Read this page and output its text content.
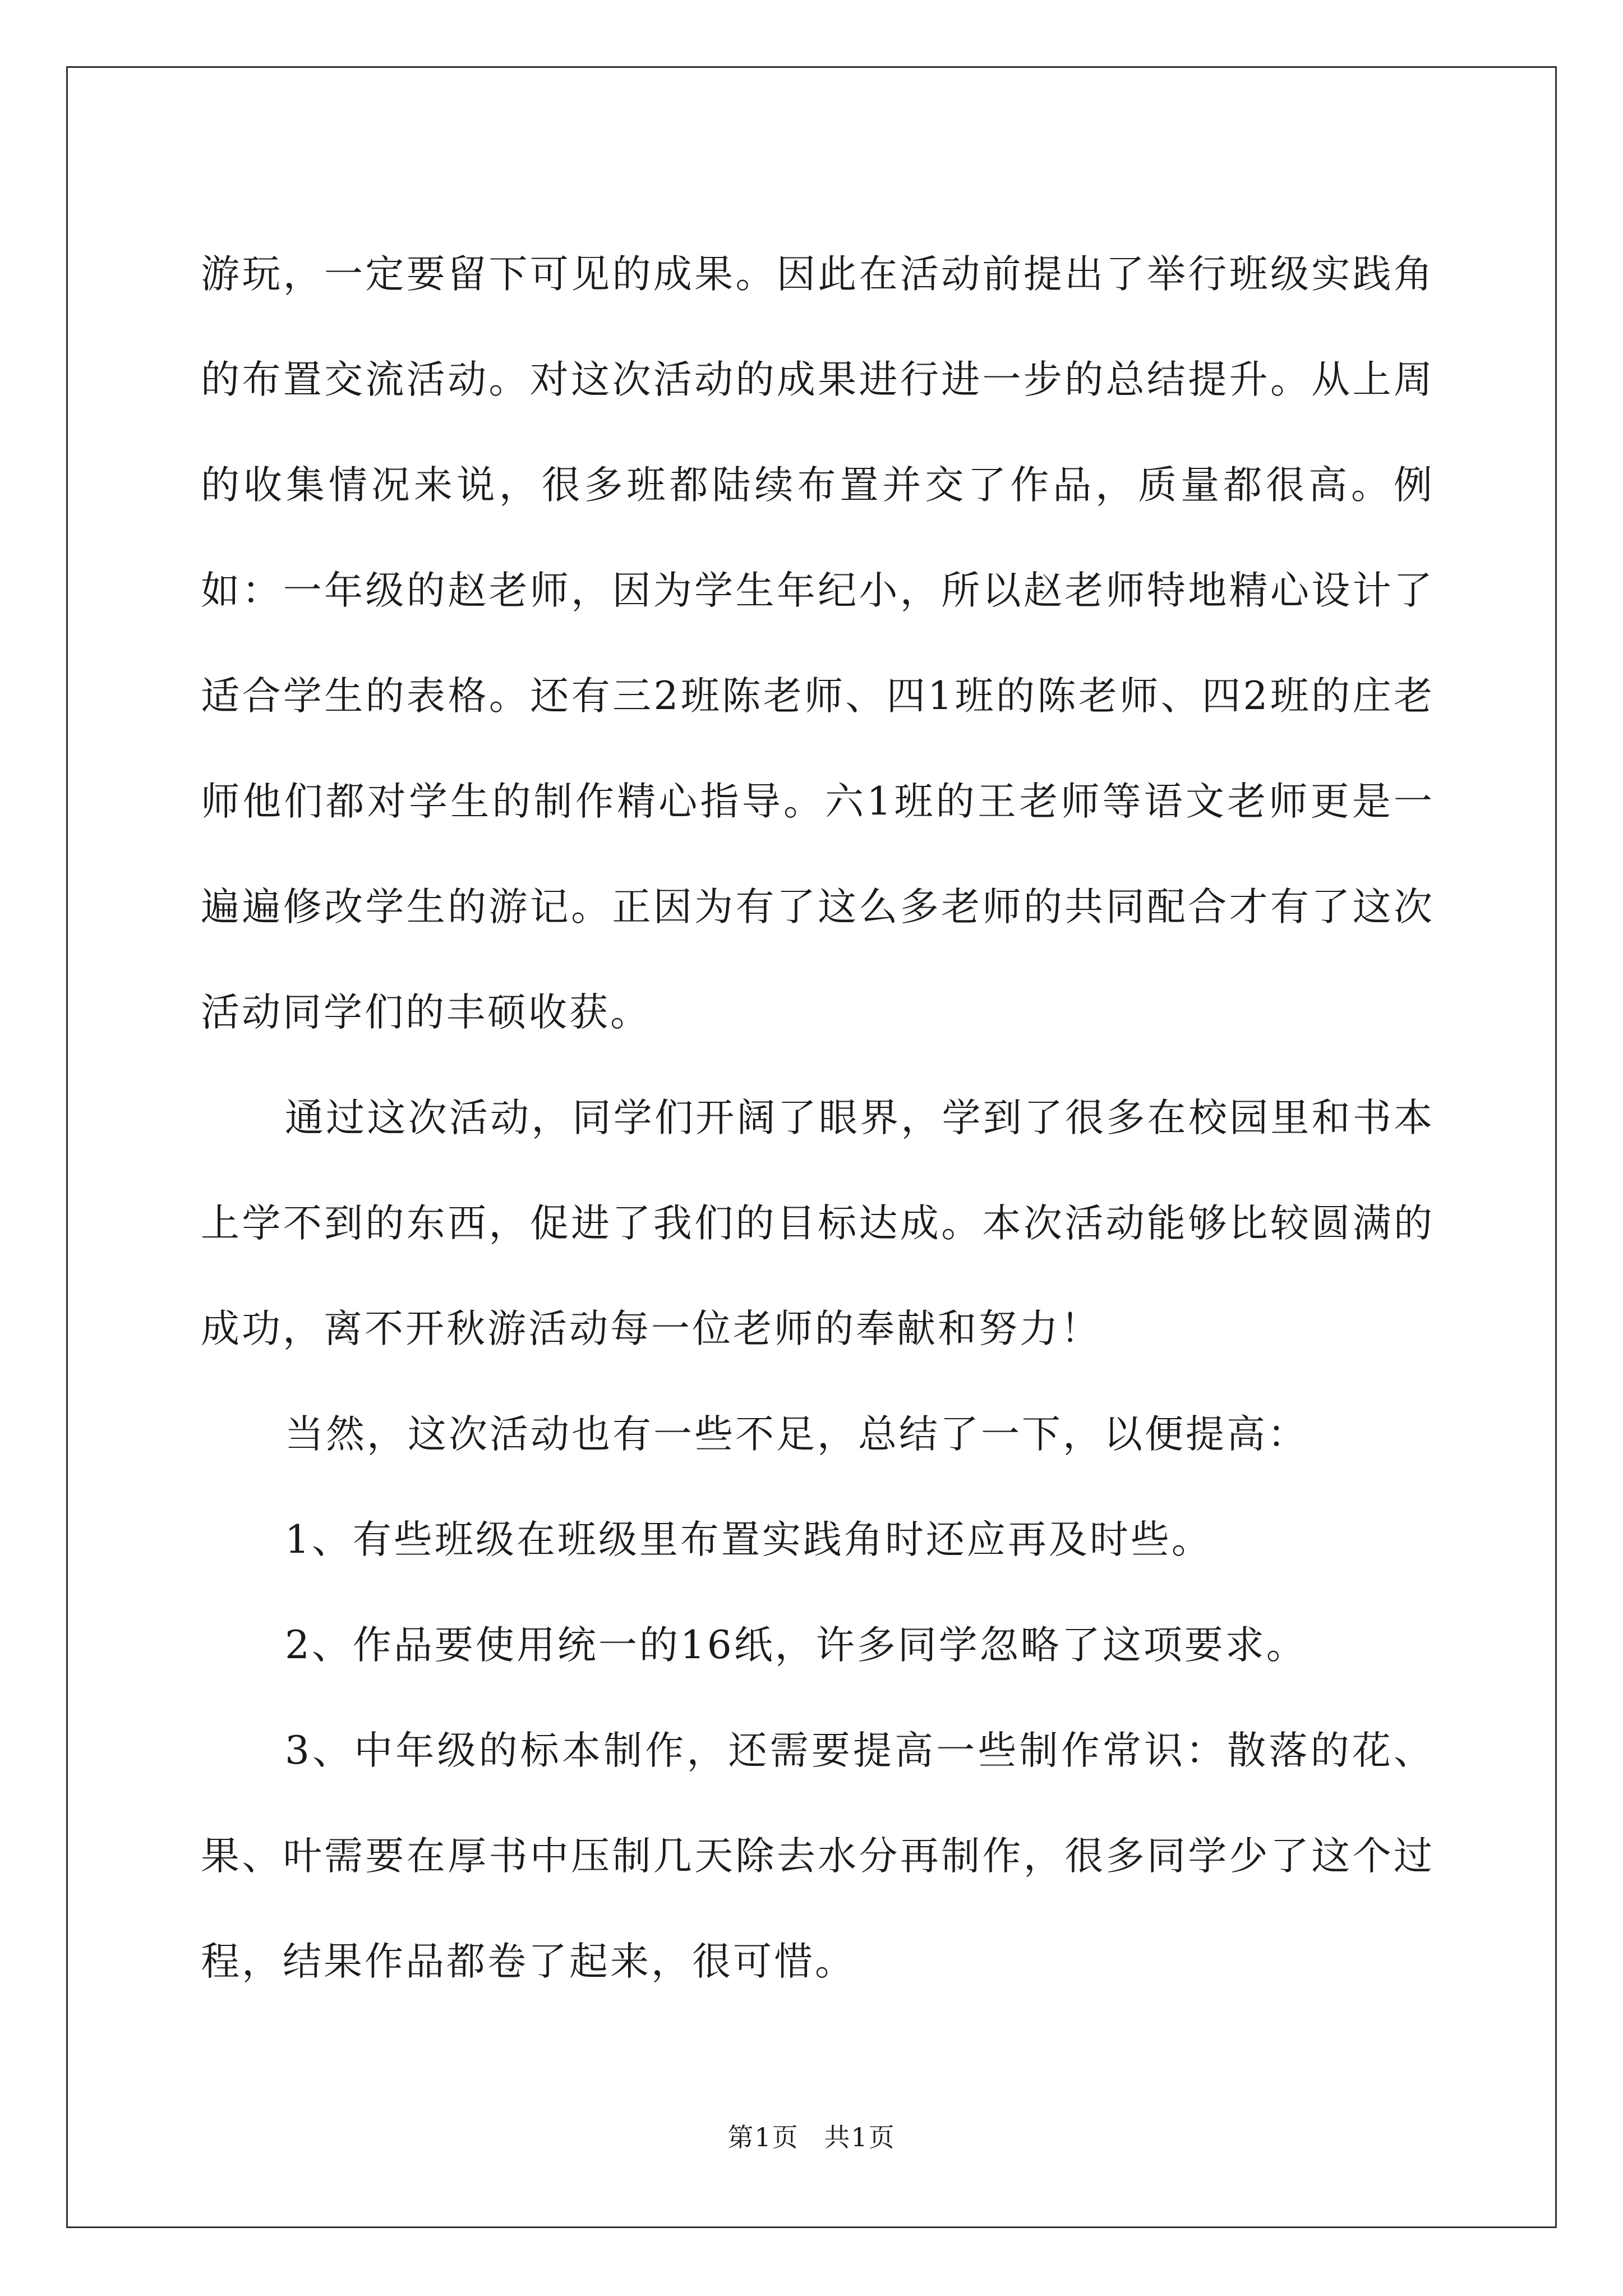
游玩，一定要留下可见的成果。因此在活动前提出了举行班级实践角的布置交流活动。对这次活动的成果进行进一步的总结提升。从上周的收集情况来说，很多班都陆续布置并交了作品，质量都很高。例如：一年级的赵老师，因为学生年纪小，所以赵老师特地精心设计了适合学生的表格。还有三2班陈老师、四1班的陈老师、四2班的庄老师他们都对学生的制作精心指导。六1班的王老师等语文老师更是一遍遍修改学生的游记。正因为有了这么多老师的共同配合才有了这次活动同学们的丰硕收获。

通过这次活动，同学们开阔了眼界，学到了很多在校园里和书本上学不到的东西，促进了我们的目标达成。本次活动能够比较圆满的成功，离不开秋游活动每一位老师的奉献和努力！

当然，这次活动也有一些不足，总结了一下，以便提高：

1、有些班级在班级里布置实践角时还应再及时些。

2、作品要使用统一的16纸，许多同学忽略了这项要求。

3、中年级的标本制作，还需要提高一些制作常识：散落的花、果、叶需要在厚书中压制几天除去水分再制作，很多同学少了这个过程，结果作品都卷了起来，很可惜。

第1页 共1页
